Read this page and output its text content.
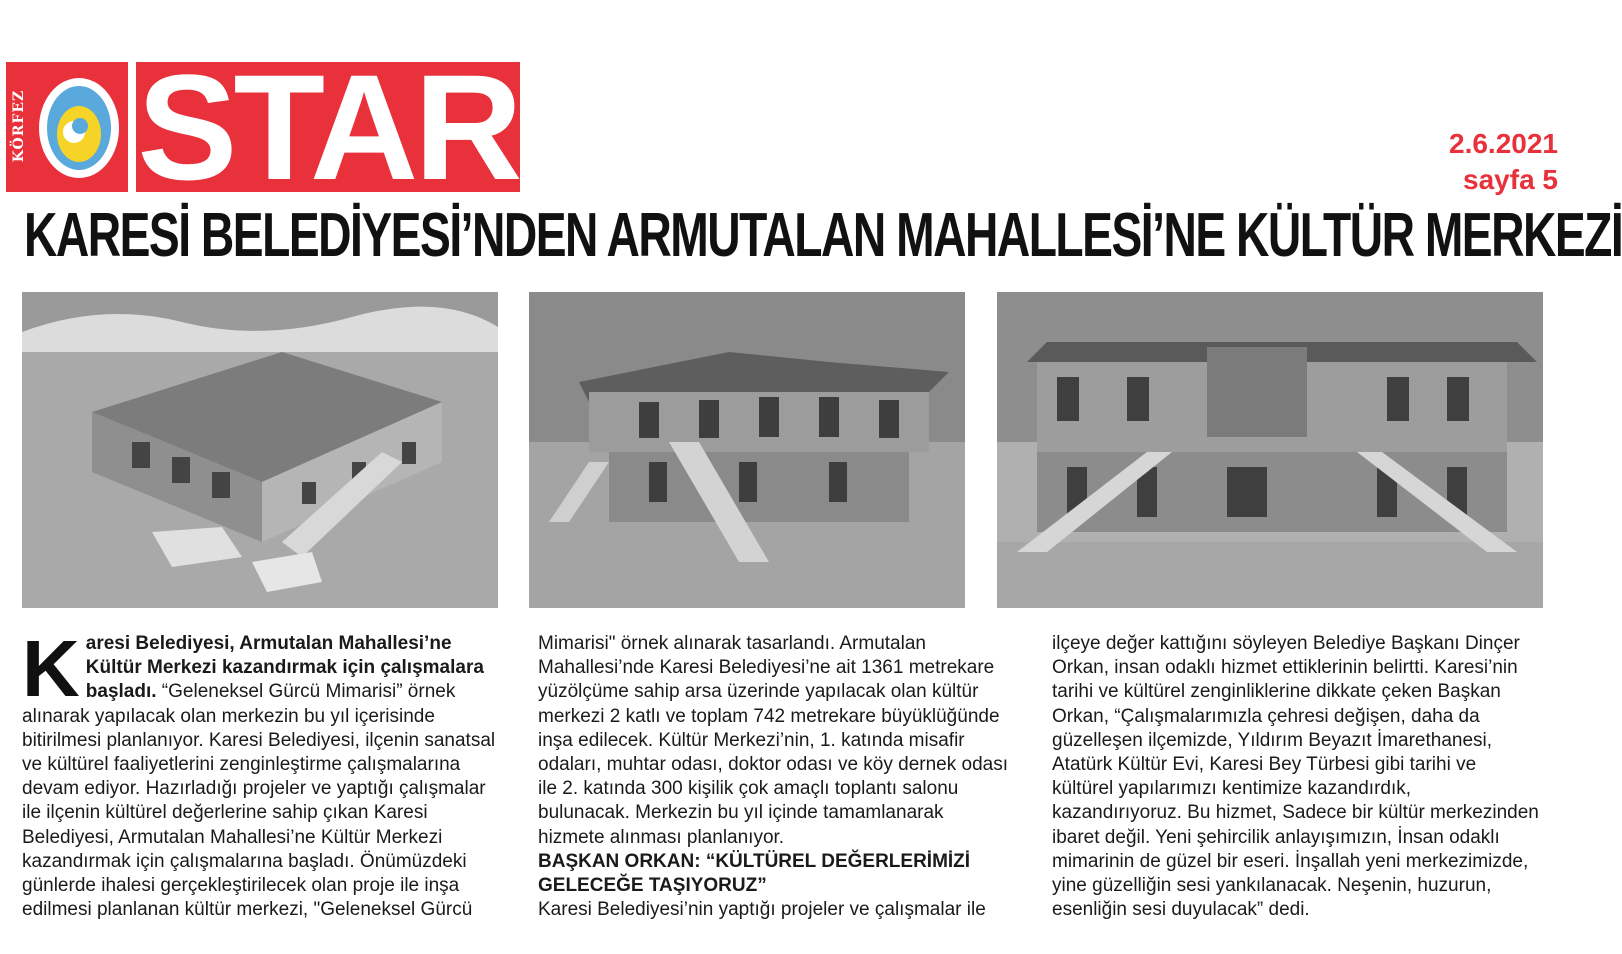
KÖRFEZ STAR	2.6.2021
sayfa 5
KARESİ BELEDİYESİ’NDEN ARMUTALAN MAHALLESİ’NE KÜLTÜR MERKEZİ
K aresi Belediyesi, Armutalan Mahallesi’ne Kültür Merkezi kazandırmak için çalışmalara başladı. “Geleneksel Gürcü Mimarisi” örnek alınarak yapılacak olan merkezin bu yıl içerisinde bitirilmesi planlanıyor. Karesi Belediyesi, ilçenin sanatsal ve kültürel faaliyetlerini zenginleştirme çalışmalarına devam ediyor. Hazırladığı projeler ve yaptığı çalışmalar ile ilçenin kültürel değerlerine sahip çıkan Karesi Belediyesi, Armutalan Mahallesi’ne Kültür Merkezi kazandırmak için çalışmalarına başladı. Önümüzdeki günlerde ihalesi gerçekleştirilecek olan proje ile inşa edilmesi planlanan kültür merkezi, "Geleneksel Gürcü

Mimarisi" örnek alınarak tasarlandı. Armutalan Mahallesi’nde Karesi Belediyesi’ne ait 1361 metrekare yüzölçüme sahip arsa üzerinde yapılacak olan kültür merkezi 2 katlı ve toplam 742 metrekare büyüklüğünde inşa edilecek. Kültür Merkezi’nin, 1. katında misafir odaları, muhtar odası, doktor odası ve köy dernek odası ile 2. katında 300 kişilik çok amaçlı toplantı salonu bulunacak. Merkezin bu yıl içinde tamamlanarak hizmete alınması planlanıyor.

BAŞKAN ORKAN: “KÜLTÜREL DEĞERLERİMİZİ GELECEĞE TAŞIYORUZ”

Karesi Belediyesi’nin yaptığı projeler ve çalışmalar ile

ilçeye değer kattığını söyleyen Belediye Başkanı Dinçer Orkan, insan odaklı hizmet ettiklerinin belirtti. Karesi’nin tarihi ve kültürel zenginliklerine dikkate çeken Başkan Orkan, “Çalışmalarımızla çehresi değişen, daha da güzelleşen ilçemizde, Yıldırım Beyazıt İmarethanesi, Atatürk Kültür Evi, Karesi Bey Türbesi gibi tarihi ve kültürel yapılarımızı kentimize kazandırdık, kazandırıyoruz. Bu hizmet, Sadece bir kültür merkezinden ibaret değil. Yeni şehircilik anlayışımızın, İnsan odaklı mimarinin de güzel bir eseri. İnşallah yeni merkezimizde, yine güzelliğin sesi yankılanacak. Neşenin, huzurun, esenliğin sesi duyulacak” dedi.
